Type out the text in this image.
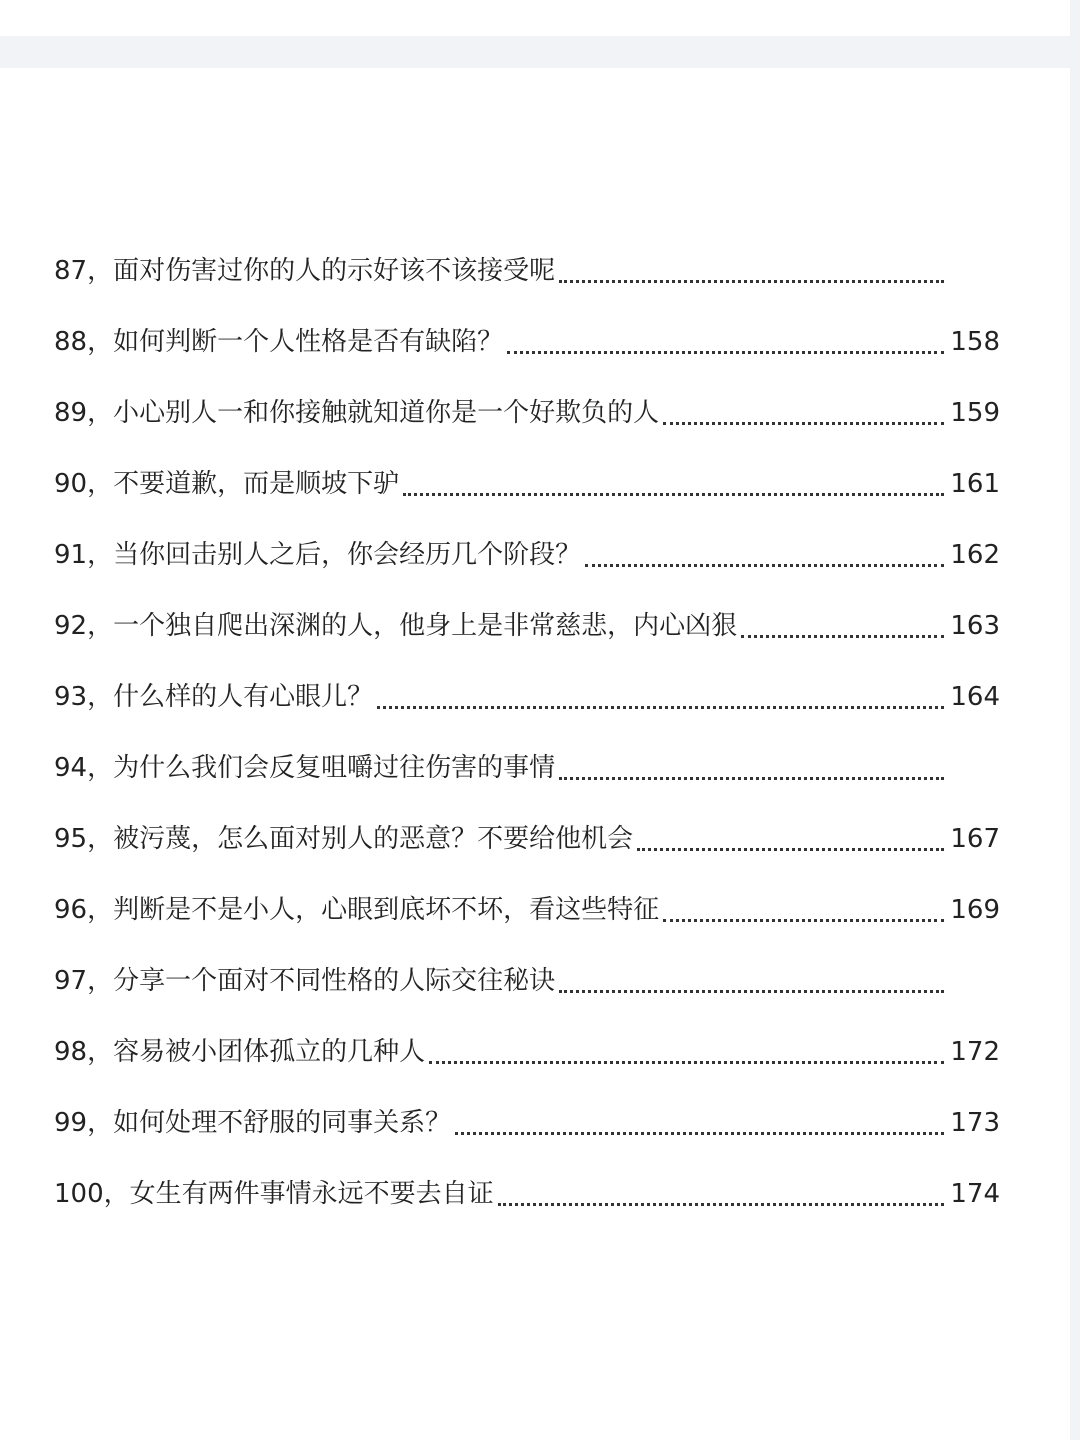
87，面对伤害过你的人的示好该不该接受呢
88，如何判断一个人性格是否有缺陷？	158
89，小心别人一和你接触就知道你是一个好欺负的人	159
90，不要道歉，而是顺坡下驴	161
91，当你回击别人之后，你会经历几个阶段？	162
92，一个独自爬出深渊的人，他身上是非常慈悲，内心凶狠	163
93，什么样的人有心眼儿？	164
94，为什么我们会反复咀嚼过往伤害的事情
95，被污蔑，怎么面对别人的恶意？不要给他机会	167
96，判断是不是小人，心眼到底坏不坏，看这些特征	169
97，分享一个面对不同性格的人际交往秘诀
98，容易被小团体孤立的几种人	172
99，如何处理不舒服的同事关系？	173
100，女生有两件事情永远不要去自证	174
